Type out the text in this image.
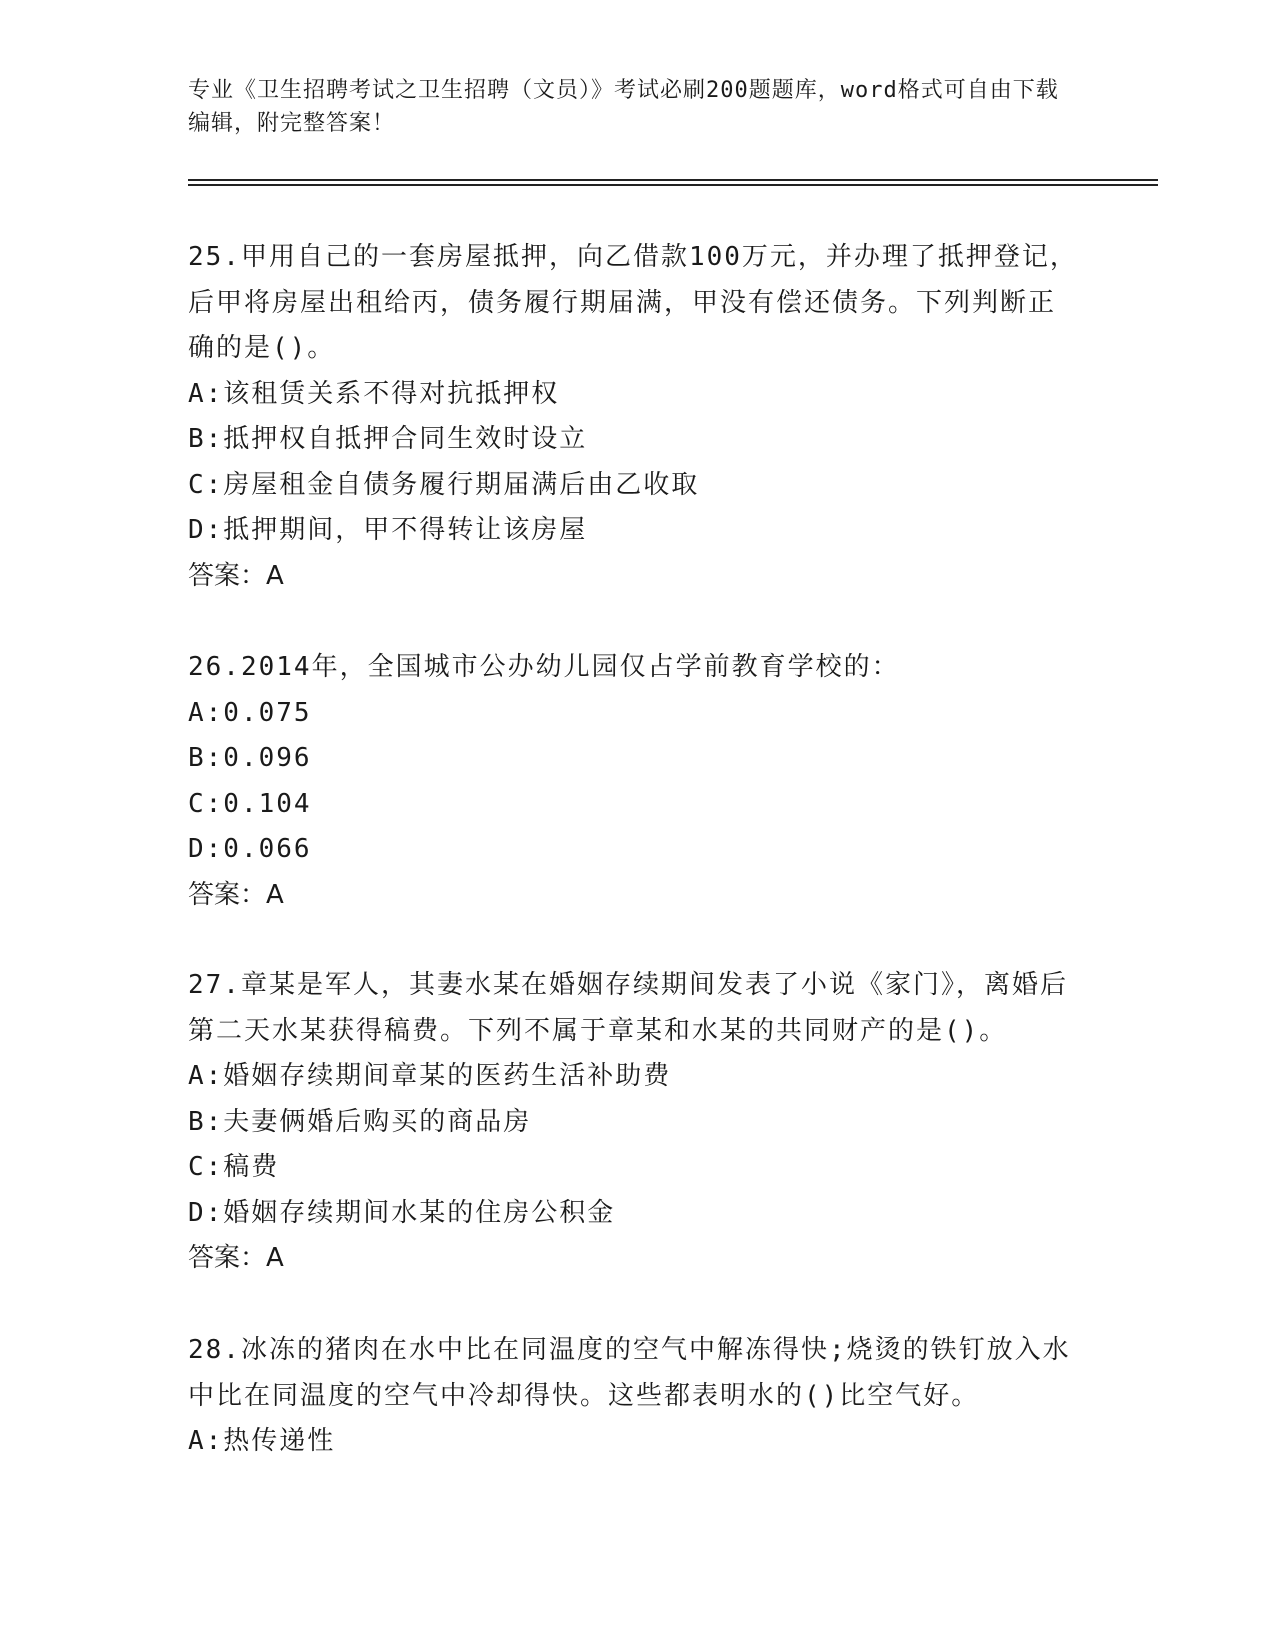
专业《卫生招聘考试之卫生招聘（文员）》考试必刷200题题库，word格式可自由下载编辑，附完整答案！

25.甲用自己的一套房屋抵押，向乙借款100万元，并办理了抵押登记，后甲将房屋出租给丙，债务履行期届满，甲没有偿还债务。下列判断正确的是()。

A:该租赁关系不得对抗抵押权

B:抵押权自抵押合同生效时设立

C:房屋租金自债务履行期届满后由乙收取

D:抵押期间，甲不得转让该房屋

答案：A

26.2014年，全国城市公办幼儿园仅占学前教育学校的：

A:0.075

B:0.096

C:0.104

D:0.066

答案：A

27.章某是军人，其妻水某在婚姻存续期间发表了小说《家门》，离婚后第二天水某获得稿费。下列不属于章某和水某的共同财产的是()。

A:婚姻存续期间章某的医药生活补助费

B:夫妻俩婚后购买的商品房

C:稿费

D:婚姻存续期间水某的住房公积金

答案：A

28.冰冻的猪肉在水中比在同温度的空气中解冻得快;烧烫的铁钉放入水中比在同温度的空气中冷却得快。这些都表明水的()比空气好。

A:热传递性
